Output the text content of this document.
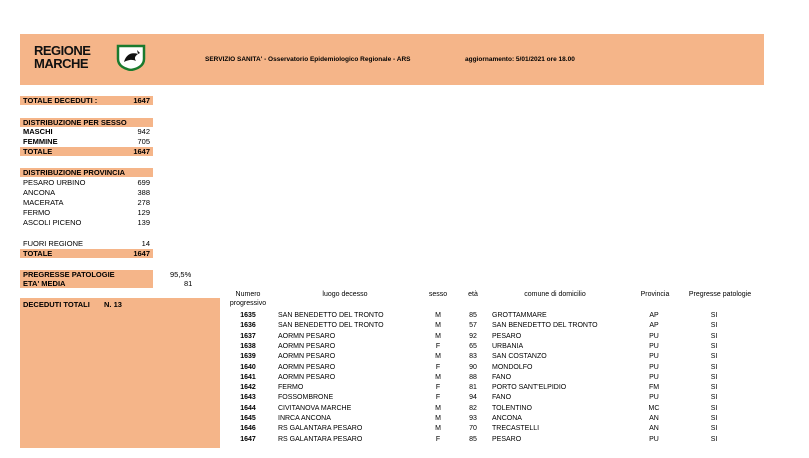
REGIONE
MARCHE	SERVIZIO SANITA' - Osservatorio Epidemiologico Regionale - ARS	aggiornamento: 5/01/2021 ore 18.00
TOTALE DECEDUTI :	1647
DISTRIBUZIONE PER SESSO
MASCHI	942
FEMMINE	705
TOTALE	1647
DISTRIBUZIONE PROVINCIA
PESARO URBINO	699
ANCONA	388
MACERATA	278
FERMO	129
ASCOLI PICENO	139
FUORI REGIONE	14
TOTALE	1647
PREGRESSE PATOLOGIE	95,5%
ETA' MEDIA	81
DECEDUTI TOTALI N. 13
Numero
progressivo
luogo decesso	sesso	età	comune di domicilio	Provincia	Pregresse patologie
1635	SAN BENEDETTO DEL TRONTO	M	85	GROTTAMMARE	AP	SI
1636	SAN BENEDETTO DEL TRONTO	M	57	SAN BENEDETTO DEL TRONTO	AP	SI
1637	AORMN PESARO	M	92	PESARO	PU	SI
1638	AORMN PESARO	F	65	URBANIA	PU	SI
1639	AORMN PESARO	M	83	SAN COSTANZO	PU	SI
1640	AORMN PESARO	F	90	MONDOLFO	PU	SI
1641	AORMN PESARO	M	88	FANO	PU	SI
1642	FERMO	F	81	PORTO SANT'ELPIDIO	FM	SI
1643	FOSSOMBRONE	F	94	FANO	PU	SI
1644	CIVITANOVA MARCHE	M	82	TOLENTINO	MC	SI
1645	INRCA ANCONA	M	93	ANCONA	AN	SI
1646	RS GALANTARA PESARO	M	70	TRECASTELLI	AN	SI
1647	RS GALANTARA PESARO	F	85	PESARO	PU	SI
